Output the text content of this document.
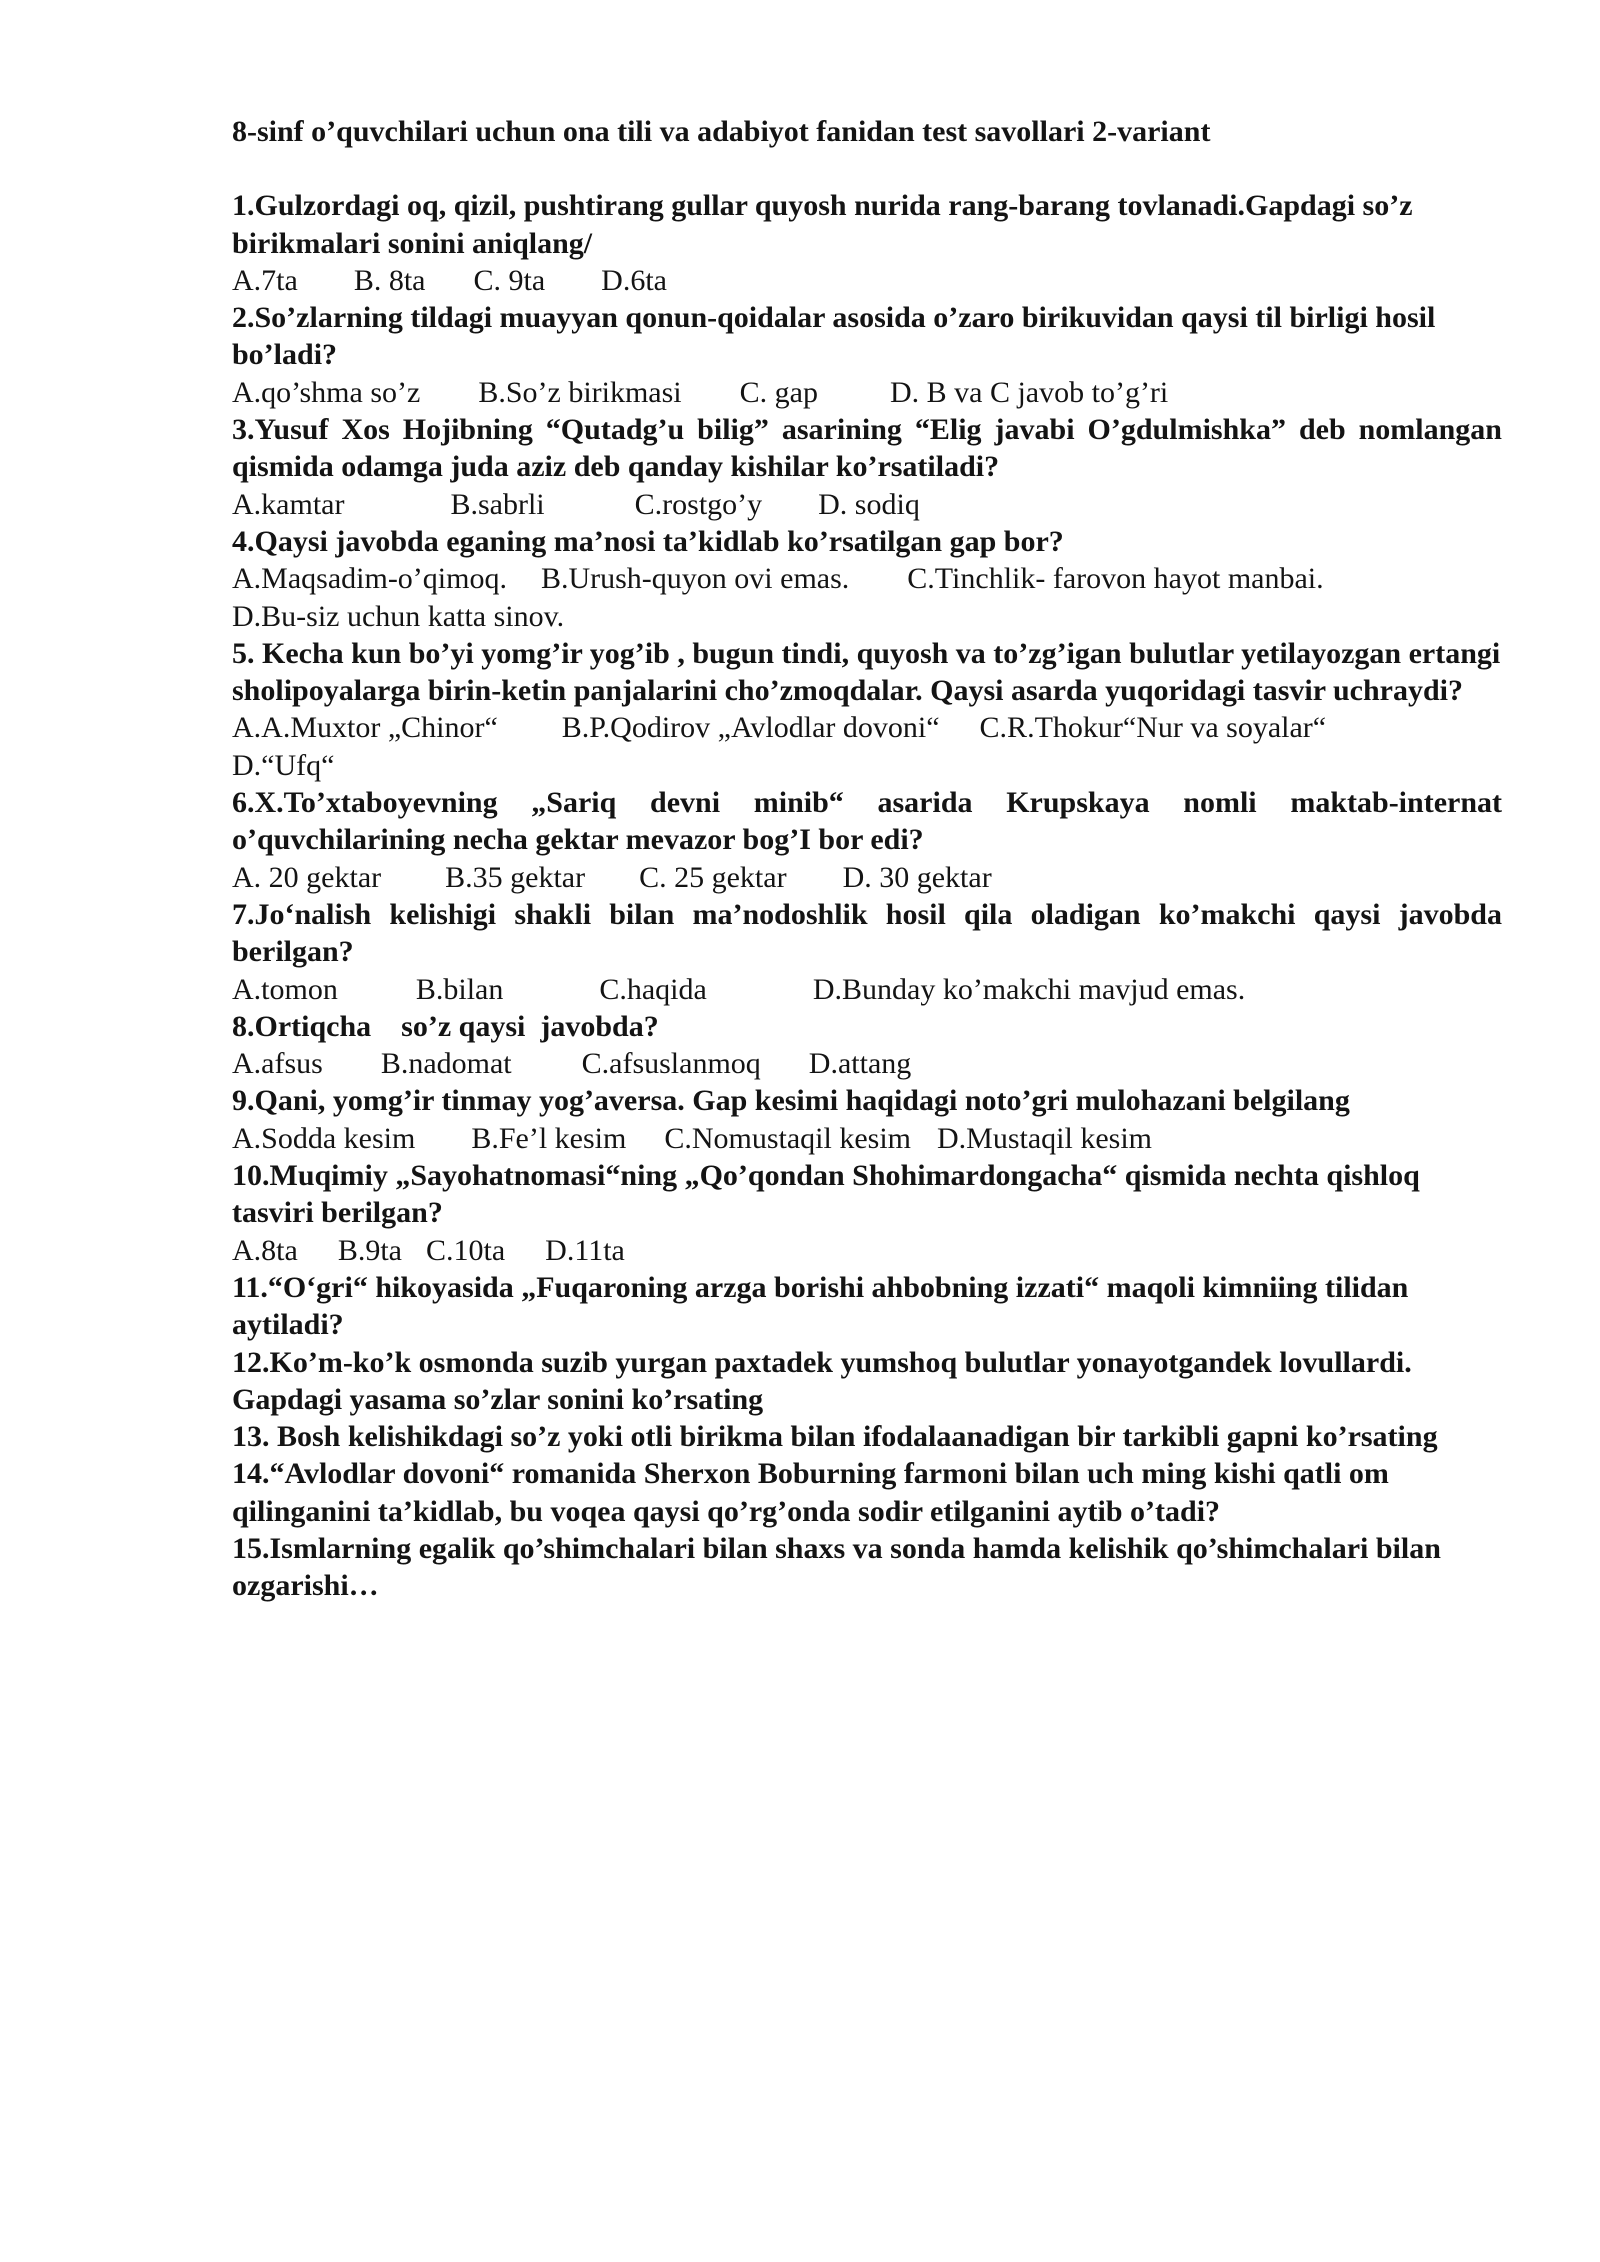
8-sinf o’quvchilari uchun ona tili va adabiyot fanidan test savollari 2-variant

1.Gulzordagi oq, qizil, pushtirang gullar quyosh nurida rang-barang tovlanadi.Gapdagi so’z birikmalari sonini aniqlang/

A.7ta B. 8ta C. 9ta D.6ta

2.So’zlarning tildagi muayyan qonun-qoidalar asosida o’zaro birikuvidan qaysi til birligi hosil bo’ladi?

A.qo’shma so’z B.So’z birikmasi C. gap D. B va C javob to’g’ri

3.Yusuf Xos Hojibning “Qutadg’u bilig” asarining “Elig javabi O’gdulmishka” deb nomlangan qismida odamga juda aziz deb qanday kishilar ko’rsatiladi?

A.kamtar	B.sabrli	C.rostgo’y D. sodiq

4.Qaysi javobda eganing ma’nosi ta’kidlab ko’rsatilgan gap bor?

A.Maqsadim-o’qimoq. B.Urush-quyon ovi emas. C.Tinchlik- farovon hayot manbai.

D.Bu-siz uchun katta sinov.

5. Kecha kun bo’yi yomg’ir yog’ib , bugun tindi, quyosh va to’zg’igan bulutlar yetilayozgan ertangi sholipoyalarga birin-ketin panjalarini cho’zmoqdalar. Qaysi asarda yuqoridagi tasvir uchraydi?

A.A.Muxtor „Chinor“ B.P.Qodirov „Avlodlar dovoni“ C.R.Thokur“Nur va soyalar“

D.“Ufq“

6.X.To’xtaboyevning „Sariq devni minib“ asarida Krupskaya nomli maktab-internat o’quvchilarining necha gektar mevazor bog’I bor edi?

A. 20 gektar B.35 gektar C. 25 gektar D. 30 gektar

7.Jo‘nalish kelishigi shakli bilan ma’nodoshlik hosil qila oladigan ko’makchi qaysi javobda berilgan?

A.tomon	B.bilan	C.haqida	D.Bunday ko’makchi mavjud emas.

8.Ortiqcha    so’z qaysi  javobda?

A.afsus B.nadomat C.afsuslanmoq D.attang

9.Qani, yomg’ir tinmay yog’aversa. Gap kesimi haqidagi noto’gri mulohazani belgilang

A.Sodda kesim B.Fe’l kesim C.Nomustaqil kesim D.Mustaqil kesim

10.Muqimiy „Sayohatnomasi“ning „Qo’qondan Shohimardongacha“ qismida nechta qishloq tasviri berilgan?

A.8ta B.9ta C.10ta D.11ta

11.“O‘gri“ hikoyasida „Fuqaroning arzga borishi ahbobning izzati“ maqoli kimniing tilidan aytiladi?

12.Ko’m-ko’k osmonda suzib yurgan paxtadek yumshoq bulutlar yonayotgandek lovullardi. Gapdagi yasama so’zlar sonini ko’rsating

13. Bosh kelishikdagi so’z yoki otli birikma bilan ifodalaanadigan bir tarkibli gapni ko’rsating

14.“Avlodlar dovoni“ romanida Sherxon Boburning farmoni bilan uch ming kishi qatli om qilinganini ta’kidlab, bu voqea qaysi qo’rg’onda sodir etilganini aytib o’tadi?

15.Ismlarning egalik qo’shimchalari bilan shaxs va sonda hamda kelishik qo’shimchalari bilan ozgarishi…
